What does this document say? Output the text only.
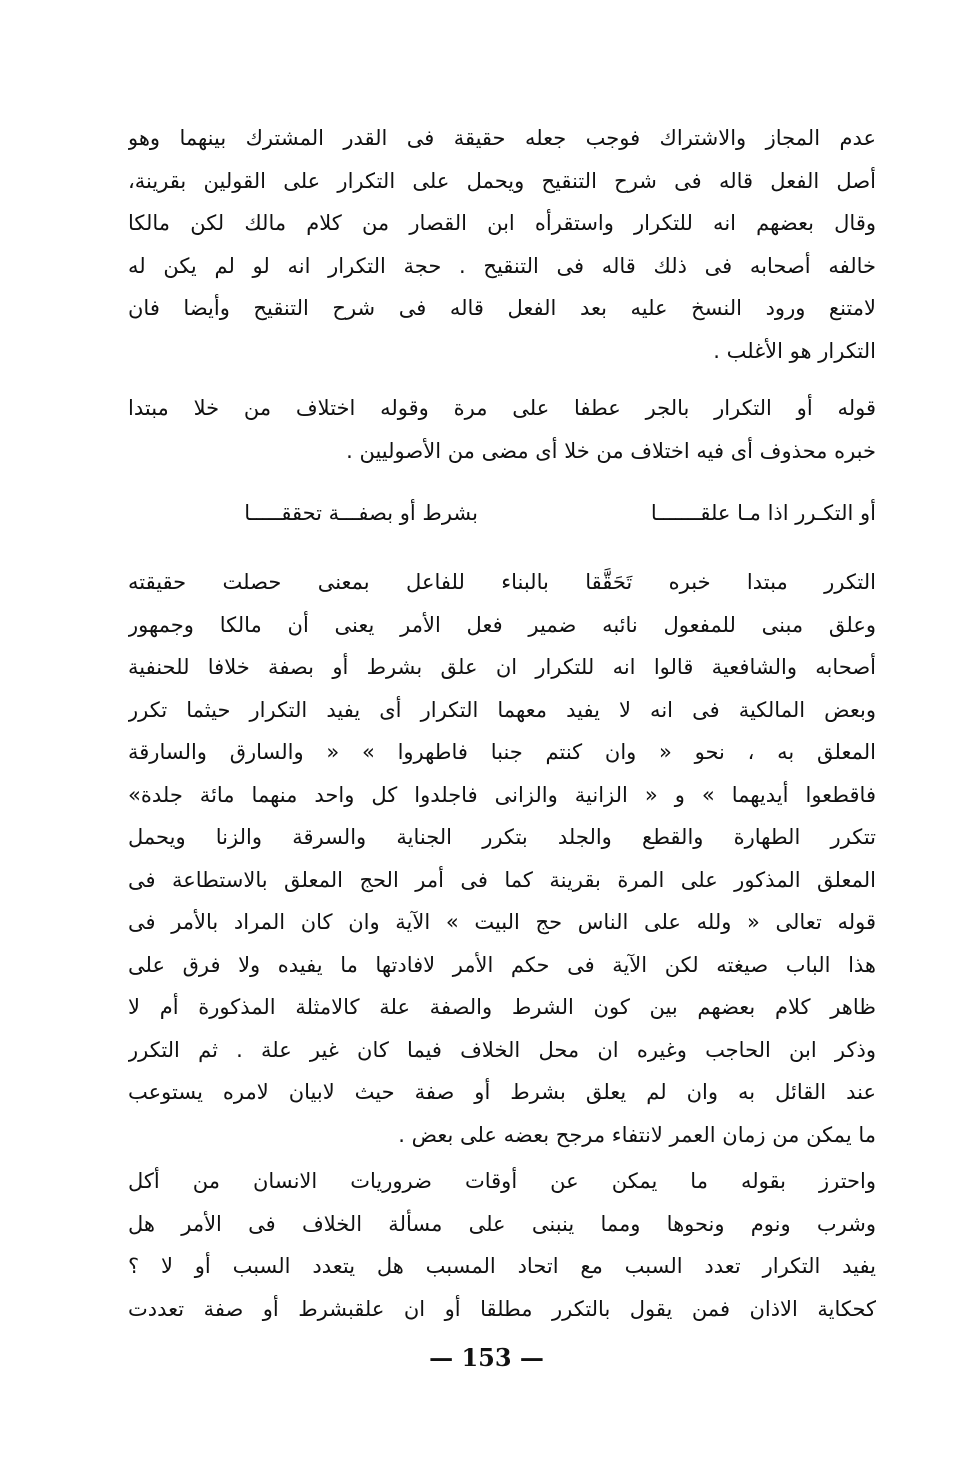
عدم المجاز والاشتراك فوجب جعله حقيقة فى القدر المشترك بينهما وهو
أصل الفعل قاله فى شرح التنقيح ويحمل على التكرار على القولين بقرينة،
وقال بعضهم انه للتكرار واستقرأه ابن القصار من كلام مالك لكن مالكا
خالفه أصحابه فى ذلك قاله فى التنقيح . حجة التكرار انه لو لم يكن له
لامتنع ورود النسخ عليه بعد الفعل قاله فى شرح التنقيح وأيضا فان
التكرار هو الأغلب .
قوله أو التكرار بالجر عطفا على مرة وقوله اختلاف من خلا مبتدا
خبره محذوف أى فيه اختلاف من خلا أى مضى من الأصوليين .
أو التكـرر اذا مـا علقـــــــا
بشرط أو بصفـــة تحققـــــا
التكرر مبتدا خبره تَحَقَّقا بالبناء للفاعل بمعنى حصلت حقيقته
وعلق مبنى للمفعول نائبه ضمير فعل الأمر يعنى أن مالكا وجمهور
أصحابه والشافعية قالوا انه للتكرار ان علق بشرط أو بصفة خلافا للحنفية
وبعض المالكية فى انه لا يفيد معهما التكرار أى يفيد التكرار حيثما تكرر
المعلق به ، نحو « وان كنتم جنبا فاطهروا » « والسارق والسارقة
فاقطعوا أيديهما » و « الزانية والزانى فاجلدوا كل واحد منهما مائة جلدة»
تتكرر الطهارة والقطع والجلد بتكرر الجناية والسرقة والزنا ويحمل
المعلق المذكور على المرة بقرينة كما فى أمر الحج المعلق بالاستطاعة فى
قوله تعالى « ولله على الناس حج البيت » الآية وان كان المراد بالأمر فى
هذا الباب صيغته لكن الآية فى حكم الأمر لافادتها ما يفيده ولا فرق على
ظاهر كلام بعضهم بين كون الشرط والصفة علة كالامثلة المذكورة أم لا
وذكر ابن الحاجب وغيره ان محل الخلاف فيما كان غير علة . ثم التكرر
عند القائل به وان لم يعلق بشرط أو صفة حيث لابيان لامره يستوعب
ما يمكن من زمان العمر لانتفاء مرجح بعضه على بعض .
واحترز بقوله ما يمكن عن أوقات ضروريات الانسان من أكل
وشرب ونوم ونحوها ومما ينبنى على مسألة الخلاف فى الأمر هل
يفيد التكرار تعدد السبب مع اتحاد المسبب هل يتعدد السبب أو لا ؟
كحكاية الاذان فمن يقول بالتكرر مطلقا أو ان علقبشرط أو صفة تعددت
— 153 —
